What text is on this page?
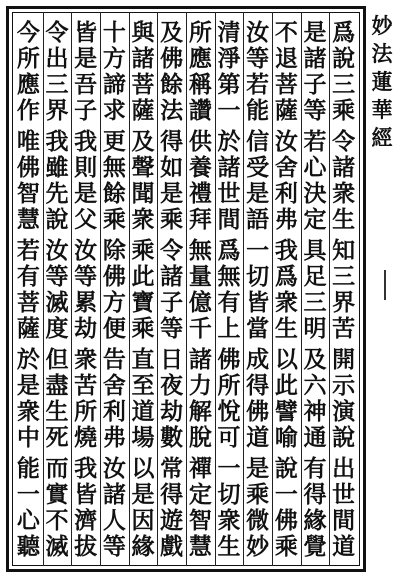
妙
法
蓮
華
經
爲
說
三
乘
令
諸
衆
生
知
三
界
苦
開
示
演
說
出
世
間
道
是
諸
子
等
若
心
決
定
具
足
三
明
及
六
神
通
有
得
緣
覺
不
退
菩
薩
汝
舍
利
弗
我
爲
衆
生
以
此
譬
喻
說
一
佛
乘
汝
等
若
能
信
受
是
語
一
切
皆
當
成
得
佛
道
是
乘
微
妙
清
淨
第
一
於
諸
世
間
爲
無
有
上
佛
所
悅
可
一
切
衆
生
所
應
稱
讚
供
養
禮
拜
無
量
億
千
諸
力
解
脫
禪
定
智
慧
及
佛
餘
法
得
如
是
乘
令
諸
子
等
日
夜
劫
數
常
得
遊
戲
與
諸
菩
薩
及
聲
聞
衆
乘
此
寶
乘
直
至
道
場
以
是
因
緣
十
方
諦
求
更
無
餘
乘
除
佛
方
便
告
舍
利
弗
汝
諸
人
等
皆
是
吾
子
我
則
是
父
汝
等
累
劫
衆
苦
所
燒
我
皆
濟
拔
令
出
三
界
我
雖
先
說
汝
等
滅
度
但
盡
生
死
而
實
不
滅
今
所
應
作
唯
佛
智
慧
若
有
菩
薩
於
是
衆
中
能
一
心
聽
